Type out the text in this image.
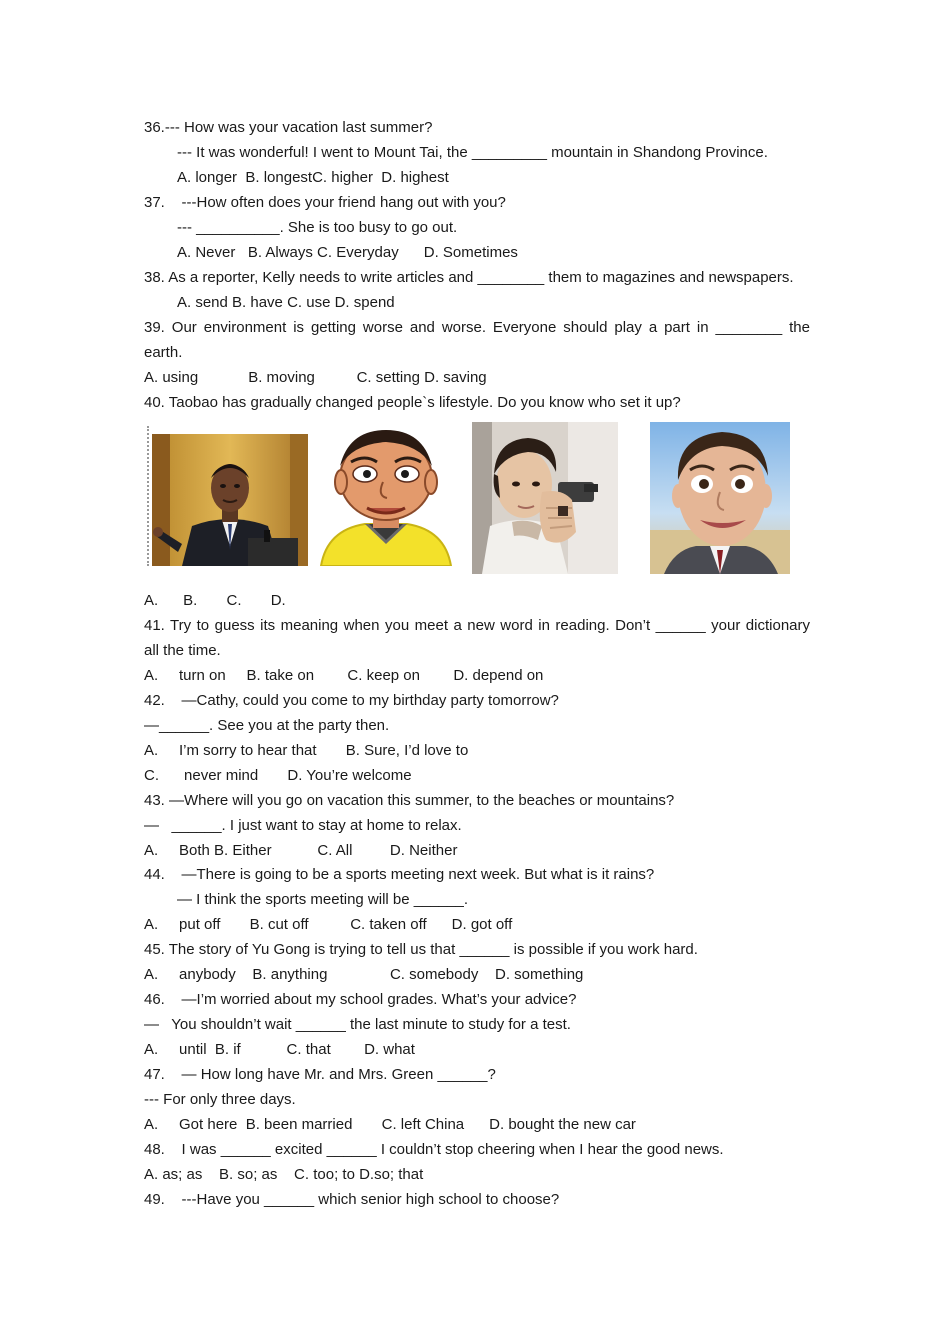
36.--- How was your vacation last summer?
--- It was wonderful! I went to Mount Tai, the _________ mountain in Shandong Province.
A. longer  B. longestC. higher  D. highest
37.    ---How often does your friend hang out with you?
--- __________. She is too busy to go out.
A. Never   B. Always C. Everyday      D. Sometimes
38. As a reporter, Kelly needs to write articles and ________ them to magazines and newspapers.
A. send B. have C. use D. spend
39. Our environment is getting worse and worse. Everyone should play a part in ________ the
earth.
A. using            B. moving          C. setting D. saving
40. Taobao has gradually changed people`s lifestyle. Do you know who set it up?
A.      B.       C.       D.
41. Try to guess its meaning when you meet a new word in reading. Don’t ______ your dictionary
all the time.
A.     turn on     B. take on        C. keep on        D. depend on
42.    —Cathy, could you come to my birthday party tomorrow?
—______. See you at the party then.
A.     I’m sorry to hear that       B. Sure, I’d love to
C.      never mind       D. You’re welcome
43. —Where will you go on vacation this summer, to the beaches or mountains?
—   ______. I just want to stay at home to relax.
A.     Both B. Either           C. All         D. Neither
44.    —There is going to be a sports meeting next week. But what is it rains?
— I think the sports meeting will be ______.
A.     put off       B. cut off          C. taken off      D. got off
45. The story of Yu Gong is trying to tell us that ______ is possible if you work hard.
A.     anybody    B. anything               C. somebody    D. something
46.    —I’m worried about my school grades. What’s your advice?
—   You shouldn’t wait ______ the last minute to study for a test.
A.     until  B. if           C. that        D. what
47.    — How long have Mr. and Mrs. Green ______?
--- For only three days.
A.     Got here  B. been married       C. left China      D. bought the new car
48.    I was ______ excited ______ I couldn’t stop cheering when I hear the good news.
A. as; as    B. so; as    C. too; to D.so; that
49.    ---Have you ______ which senior high school to choose?
